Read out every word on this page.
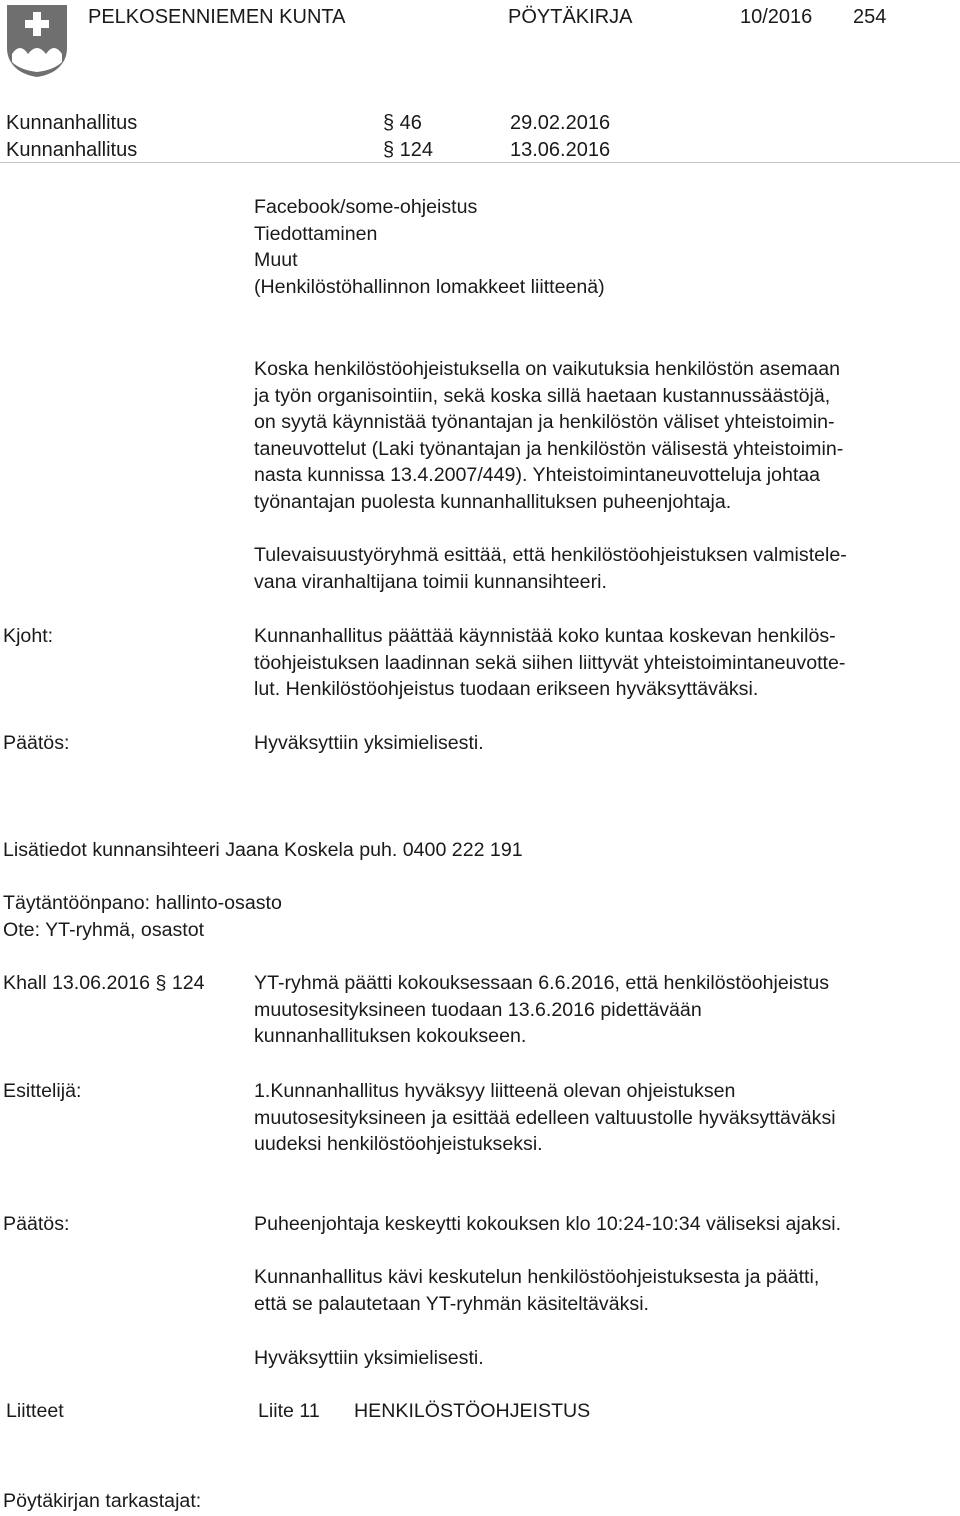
PELKOSENNIEMEN KUNTA	PÖYTÄKIRJA	10/2016 254
Kunnanhallitus	§ 46	29.02.2016
Kunnanhallitus	§ 124	13.06.2016
Facebook/some-ohjeistus
Tiedottaminen
Muut
(Henkilöstöhallinnon lomakkeet liitteenä)
Koska henkilöstöohjeistuksella on vaikutuksia henkilöstön asemaan
ja työn organisointiin, sekä koska sillä haetaan kustannussäästöjä,
on syytä käynnistää työnantajan ja henkilöstön väliset yhteistoimin-
taneuvottelut (Laki työnantajan ja henkilöstön välisestä yhteistoimin-
nasta kunnissa 13.4.2007/449). Yhteistoimintaneuvotteluja johtaa
työnantajan puolesta kunnanhallituksen puheenjohtaja.
Tulevaisuustyöryhmä esittää, että henkilöstöohjeistuksen valmistele-
vana viranhaltijana toimii kunnansihteeri.
Kjoht:	Kunnanhallitus päättää käynnistää koko kuntaa koskevan henkilös-
töohjeistuksen laadinnan sekä siihen liittyvät yhteistoimintaneuvotte-
lut. Henkilöstöohjeistus tuodaan erikseen hyväksyttäväksi.
Päätös:	Hyväksyttiin yksimielisesti.
Lisätiedot kunnansihteeri Jaana Koskela puh. 0400 222 191
Täytäntöönpano: hallinto-osasto
Ote: YT-ryhmä, osastot
Khall 13.06.2016 § 124	YT-ryhmä päätti kokouksessaan 6.6.2016, että henkilöstöohjeistus
muutosesityksineen tuodaan 13.6.2016 pidettävään
kunnanhallituksen kokoukseen.
Esittelijä:	1.Kunnanhallitus hyväksyy liitteenä olevan ohjeistuksen
muutosesityksineen ja esittää edelleen valtuustolle hyväksyttäväksi
uudeksi henkilöstöohjeistukseksi.
Päätös:	Puheenjohtaja keskeytti kokouksen klo 10:24-10:34 väliseksi ajaksi.
Kunnanhallitus kävi keskutelun henkilöstöohjeistuksesta ja päätti,
että se palautetaan YT-ryhmän käsiteltäväksi.
Hyväksyttiin yksimielisesti.
Liitteet	Liite 11 HENKILÖSTÖOHJEISTUS
Pöytäkirjan tarkastajat:
